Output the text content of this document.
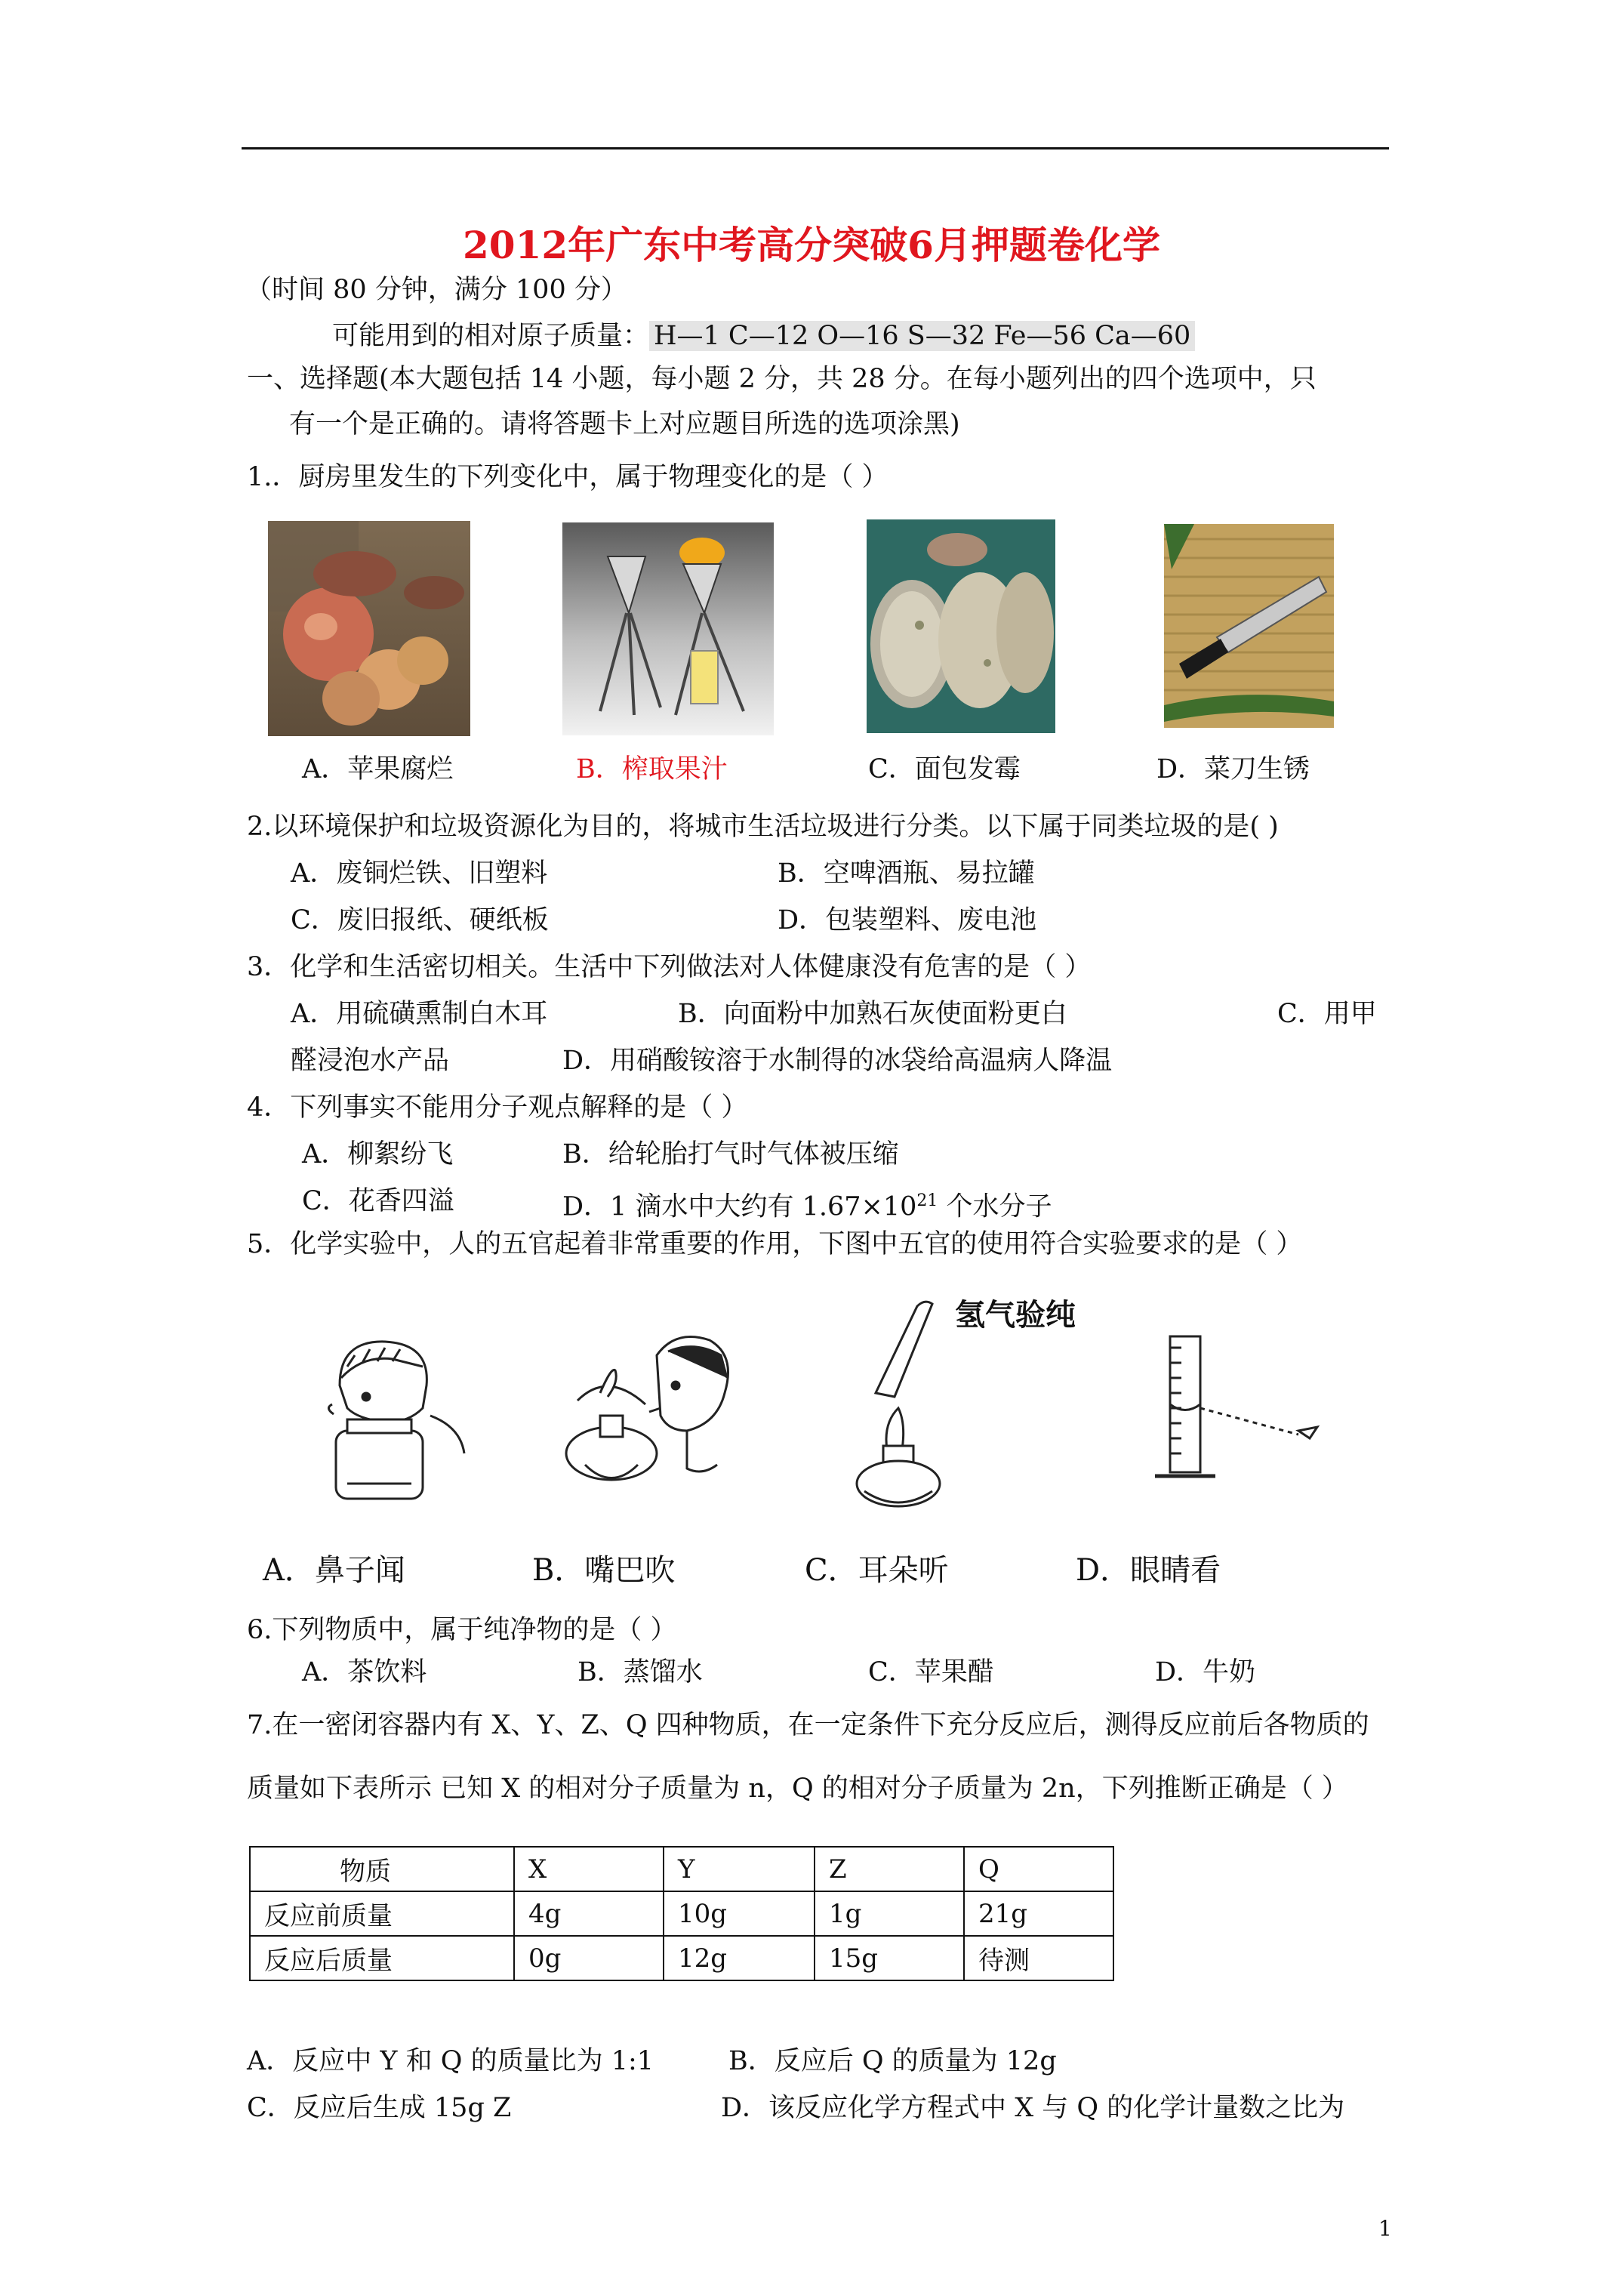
2012年广东中考高分突破6月押题卷化学
（时间 80 分钟，满分 100 分）
可能用到的相对原子质量： H—1 C—12 O—16 S—32 Fe—56 Ca—60
一、选择题(本大题包括 14 小题，每小题 2 分，共 28 分。在每小题列出的四个选项中，只
有一个是正确的。请将答题卡上对应题目所选的选项涂黑)
1.．厨房里发生的下列变化中，属于物理变化的是（ ）
A．苹果腐烂	B．榨取果汁	C．面包发霉	D．菜刀生锈
2.以环境保护和垃圾资源化为目的，将城市生活垃圾进行分类。以下属于同类垃圾的是( )
A．废铜烂铁、旧塑料	B．空啤酒瓶、易拉罐
C．废旧报纸、硬纸板	D．包装塑料、废电池
3．化学和生活密切相关。生活中下列做法对人体健康没有危害的是（ ）
A．用硫磺熏制白木耳	B．向面粉中加熟石灰使面粉更白	C．用甲
醛浸泡水产品	D．用硝酸铵溶于水制得的冰袋给高温病人降温
4．下列事实不能用分子观点解释的是（ ）
A．柳絮纷飞	B．给轮胎打气时气体被压缩
C．花香四溢	D．1 滴水中大约有 $1.67\times 10^{21}$ 个水分子
5．化学实验中，人的五官起着非常重要的作用，下图中五官的使用符合实验要求的是（ ）
氢气验纯
A．鼻子闻	B．嘴巴吹	C．耳朵听	D．眼睛看
6.下列物质中，属于纯净物的是（ ）
A．茶饮料	B．蒸馏水	C．苹果醋	D．牛奶
7.在一密闭容器内有 X、Y、Z、Q 四种物质，在一定条件下充分反应后，测得反应前后各物质的
质量如下表所示 已知 X 的相对分子质量为 n，Q 的相对分子质量为 2n，下列推断正确是（ ）
物质	X	Y	Z	Q
反应前质量	4g	10g	1g	21g
反应后质量	0g	12g	15g	待测
A．反应中 Y 和 Q 的质量比为 1:1	B．反应后 Q 的质量为 12g
C．反应后生成 15g Z	D．该反应化学方程式中 X 与 Q 的化学计量数之比为
1
